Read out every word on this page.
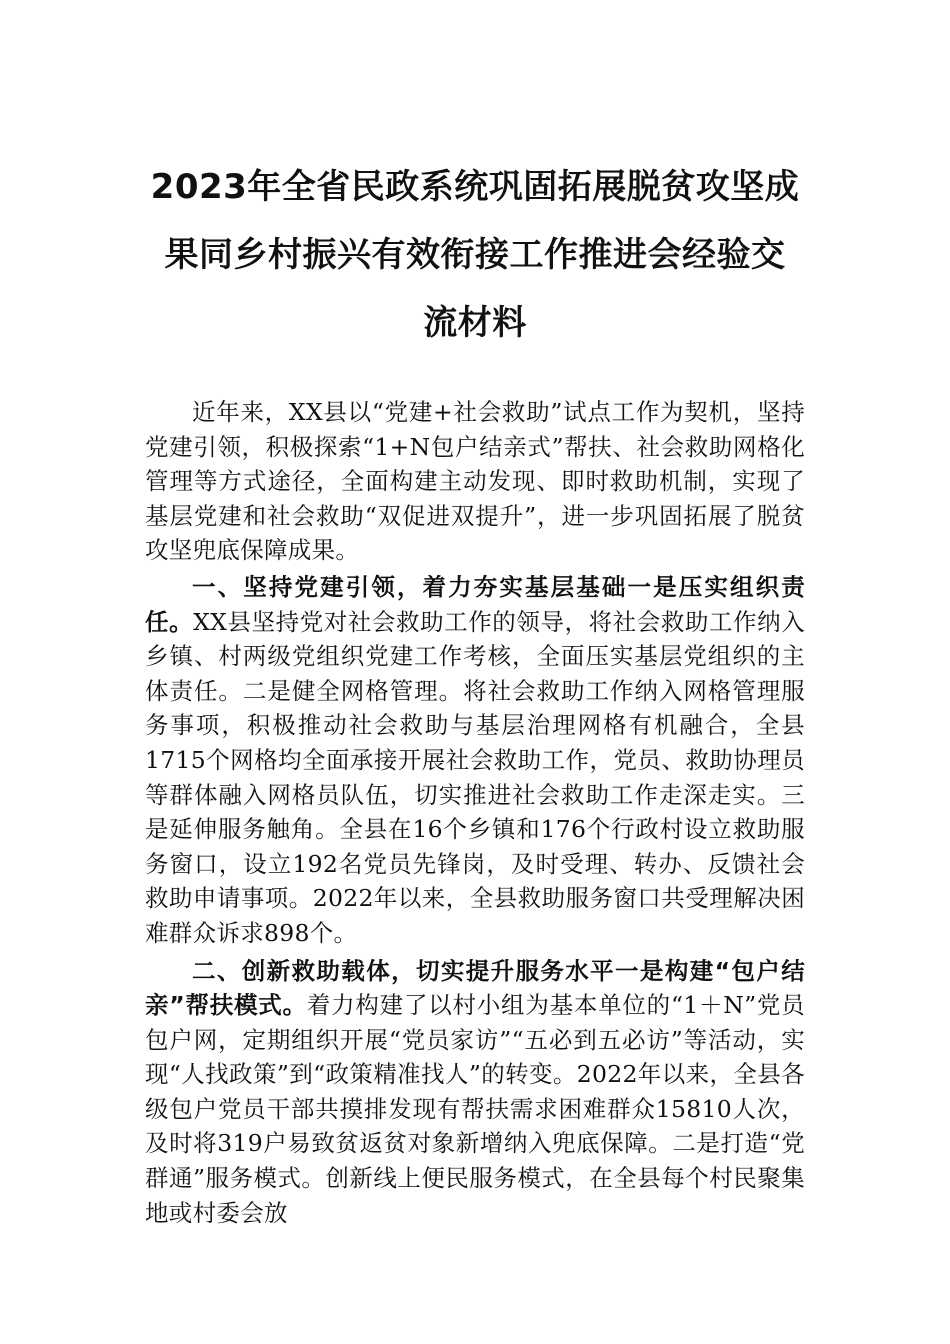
2023年全省民政系统巩固拓展脱贫攻坚成
果同乡村振兴有效衔接工作推进会经验交
流材料

近年来，XX县以“党建+社会救助”试点工作为契机，坚持党建引领，积极探索“1+N包户结亲式”帮扶、社会救助网格化管理等方式途径，全面构建主动发现、即时救助机制，实现了基层党建和社会救助“双促进双提升”，进一步巩固拓展了脱贫攻坚兜底保障成果。

一、坚持党建引领，着力夯实基层基础一是压实组织责任。XX县坚持党对社会救助工作的领导，将社会救助工作纳入乡镇、村两级党组织党建工作考核，全面压实基层党组织的主体责任。二是健全网格管理。将社会救助工作纳入网格管理服务事项，积极推动社会救助与基层治理网格有机融合，全县1715个网格均全面承接开展社会救助工作，党员、救助协理员等群体融入网格员队伍，切实推进社会救助工作走深走实。三是延伸服务触角。全县在16个乡镇和176个行政村设立救助服务窗口，设立192名党员先锋岗，及时受理、转办、反馈社会救助申请事项。2022年以来，全县救助服务窗口共受理解决困难群众诉求898个。

二、创新救助载体，切实提升服务水平一是构建“包户结亲”帮扶模式。着力构建了以村小组为基本单位的“1＋N”党员包户网，定期组织开展“党员家访”“五必到五必访”等活动，实现“人找政策”到“政策精准找人”的转变。2022年以来，全县各级包户党员干部共摸排发现有帮扶需求困难群众15810人次，及时将319户易致贫返贫对象新增纳入兜底保障。二是打造“党群通”服务模式。创新线上便民服务模式，在全县每个村民聚集地或村委会放
